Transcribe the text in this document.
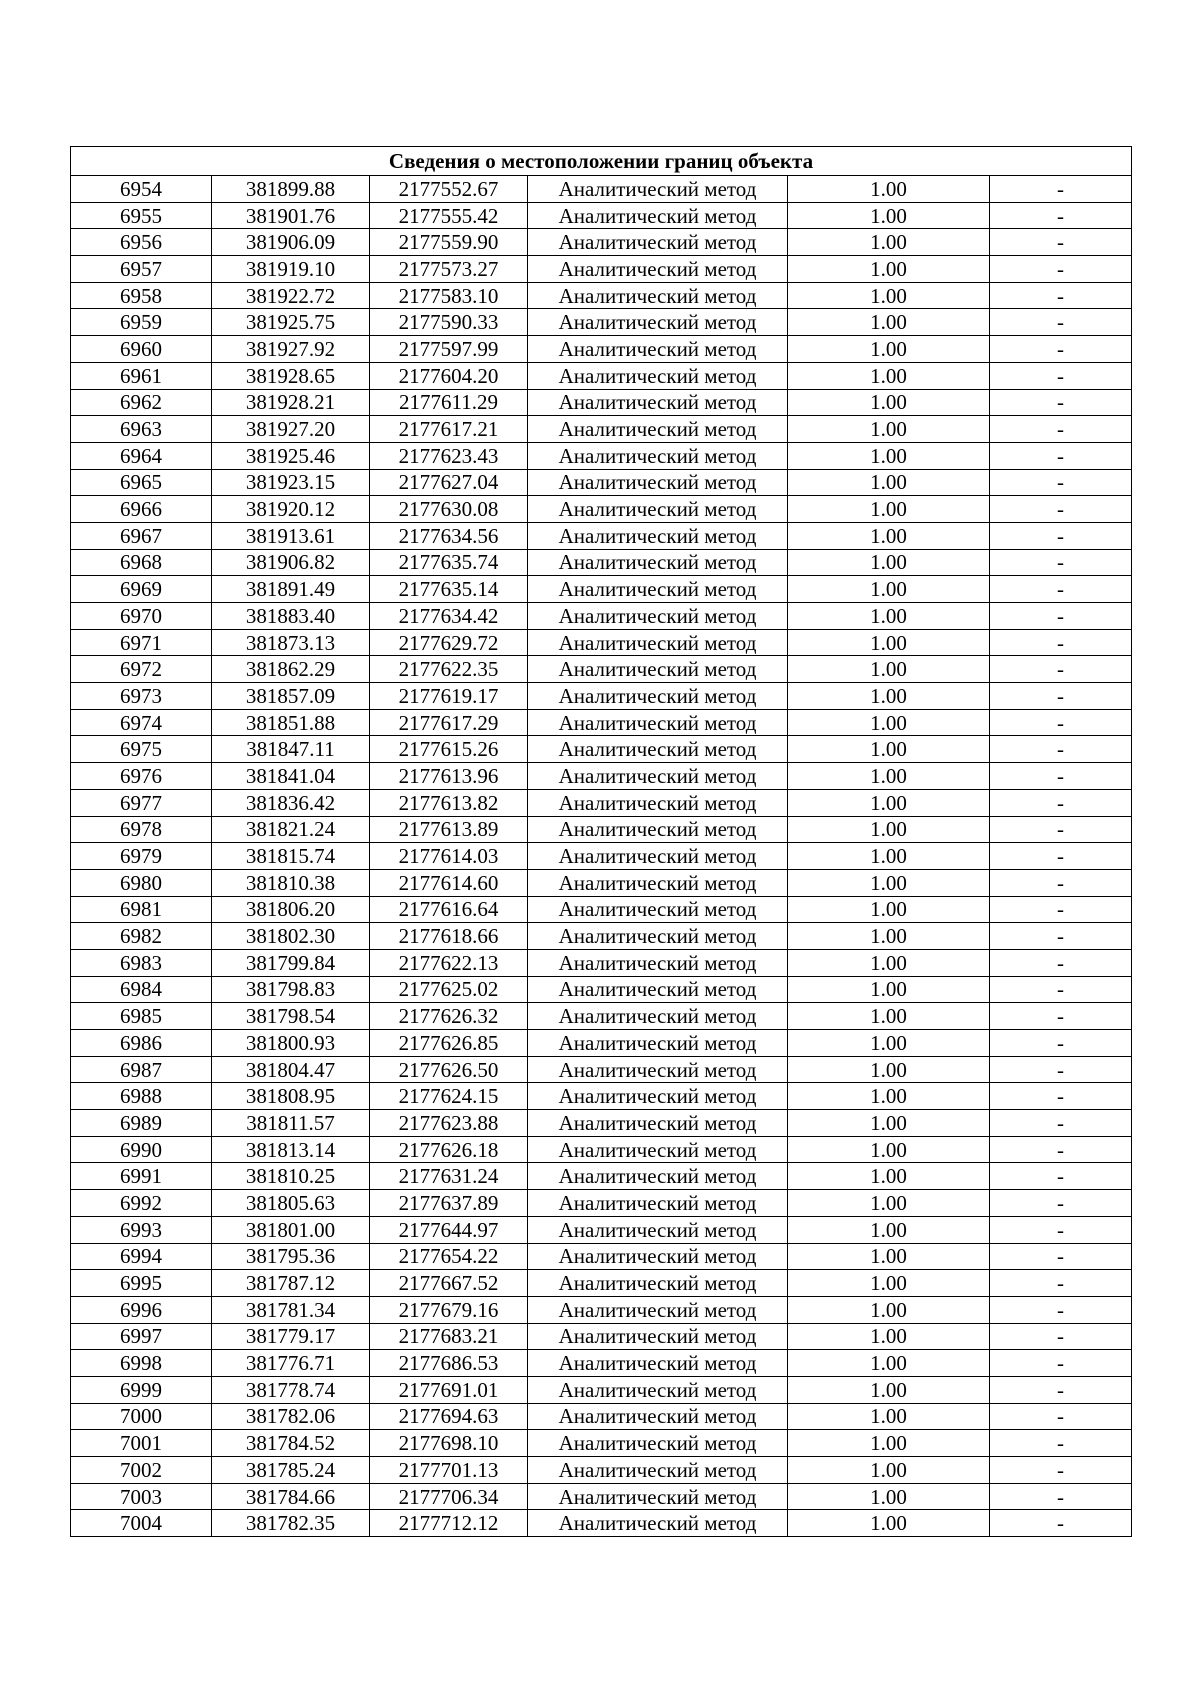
Сведения о местоположении границ объекта					
6954	381899.88	2177552.67	Аналитический метод	1.00	-
6955	381901.76	2177555.42	Аналитический метод	1.00	-
6956	381906.09	2177559.90	Аналитический метод	1.00	-
6957	381919.10	2177573.27	Аналитический метод	1.00	-
6958	381922.72	2177583.10	Аналитический метод	1.00	-
6959	381925.75	2177590.33	Аналитический метод	1.00	-
6960	381927.92	2177597.99	Аналитический метод	1.00	-
6961	381928.65	2177604.20	Аналитический метод	1.00	-
6962	381928.21	2177611.29	Аналитический метод	1.00	-
6963	381927.20	2177617.21	Аналитический метод	1.00	-
6964	381925.46	2177623.43	Аналитический метод	1.00	-
6965	381923.15	2177627.04	Аналитический метод	1.00	-
6966	381920.12	2177630.08	Аналитический метод	1.00	-
6967	381913.61	2177634.56	Аналитический метод	1.00	-
6968	381906.82	2177635.74	Аналитический метод	1.00	-
6969	381891.49	2177635.14	Аналитический метод	1.00	-
6970	381883.40	2177634.42	Аналитический метод	1.00	-
6971	381873.13	2177629.72	Аналитический метод	1.00	-
6972	381862.29	2177622.35	Аналитический метод	1.00	-
6973	381857.09	2177619.17	Аналитический метод	1.00	-
6974	381851.88	2177617.29	Аналитический метод	1.00	-
6975	381847.11	2177615.26	Аналитический метод	1.00	-
6976	381841.04	2177613.96	Аналитический метод	1.00	-
6977	381836.42	2177613.82	Аналитический метод	1.00	-
6978	381821.24	2177613.89	Аналитический метод	1.00	-
6979	381815.74	2177614.03	Аналитический метод	1.00	-
6980	381810.38	2177614.60	Аналитический метод	1.00	-
6981	381806.20	2177616.64	Аналитический метод	1.00	-
6982	381802.30	2177618.66	Аналитический метод	1.00	-
6983	381799.84	2177622.13	Аналитический метод	1.00	-
6984	381798.83	2177625.02	Аналитический метод	1.00	-
6985	381798.54	2177626.32	Аналитический метод	1.00	-
6986	381800.93	2177626.85	Аналитический метод	1.00	-
6987	381804.47	2177626.50	Аналитический метод	1.00	-
6988	381808.95	2177624.15	Аналитический метод	1.00	-
6989	381811.57	2177623.88	Аналитический метод	1.00	-
6990	381813.14	2177626.18	Аналитический метод	1.00	-
6991	381810.25	2177631.24	Аналитический метод	1.00	-
6992	381805.63	2177637.89	Аналитический метод	1.00	-
6993	381801.00	2177644.97	Аналитический метод	1.00	-
6994	381795.36	2177654.22	Аналитический метод	1.00	-
6995	381787.12	2177667.52	Аналитический метод	1.00	-
6996	381781.34	2177679.16	Аналитический метод	1.00	-
6997	381779.17	2177683.21	Аналитический метод	1.00	-
6998	381776.71	2177686.53	Аналитический метод	1.00	-
6999	381778.74	2177691.01	Аналитический метод	1.00	-
7000	381782.06	2177694.63	Аналитический метод	1.00	-
7001	381784.52	2177698.10	Аналитический метод	1.00	-
7002	381785.24	2177701.13	Аналитический метод	1.00	-
7003	381784.66	2177706.34	Аналитический метод	1.00	-
7004	381782.35	2177712.12	Аналитический метод	1.00	-
